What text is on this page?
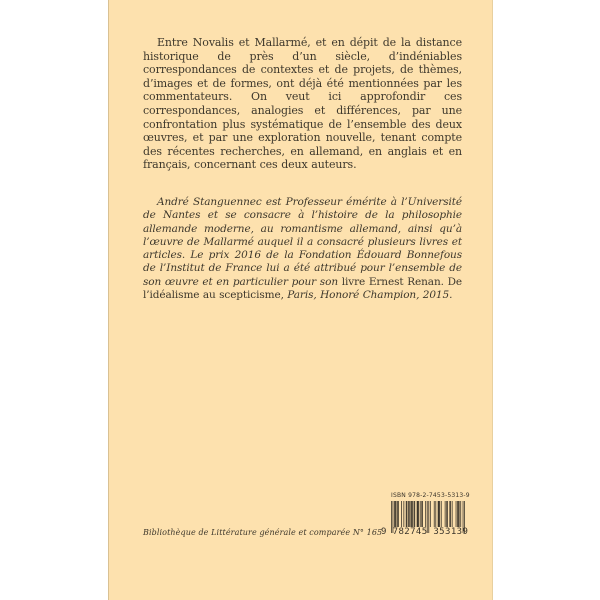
Entre Novalis et Mallarmé, et en dépit de la distance historique de près d’un siècle, d’indéniables correspondances de contextes et de projets, de thèmes, d’images et de formes, ont déjà été mentionnées par les commentateurs. On veut ici approfondir ces correspondances, analogies et différences, par une confrontation plus systématique de l’ensemble des deux œuvres, et par une exploration nouvelle, tenant compte des récentes recherches, en allemand, en anglais et en français, concernant ces deux auteurs.

André Stanguennec est Professeur émérite à l’Université de Nantes et se consacre à l’histoire de la philosophie allemande moderne, au romantisme allemand, ainsi qu’à l’œuvre de Mallarmé auquel il a consacré plusieurs livres et articles. Le prix 2016 de la Fondation Édouard Bonnefous de l’Institut de France lui a été attribué pour l’ensemble de son œuvre et en particulier pour son livre Ernest Renan. De l’idéalisme au scepticisme, Paris, Honoré Champion, 2015.

Bibliothèque de Littérature générale et comparée N° 165
ISBN 978-2-7453-5313-9
9 782745 353139
